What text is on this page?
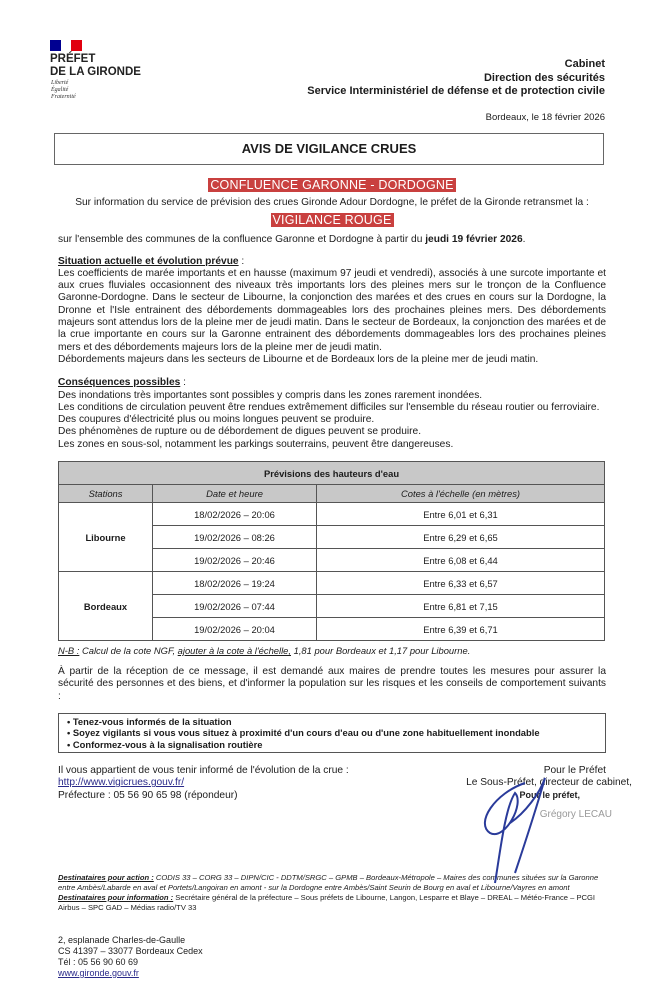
PRÉFET
DE LA GIRONDE
Liberté
Égalité
Fraternité
Cabinet
Direction des sécurités
Service Interministériel de défense et de protection civile
Bordeaux, le 18 février 2026
AVIS DE VIGILANCE CRUES
CONFLUENCE GARONNE - DORDOGNE
Sur information du service de prévision des crues Gironde Adour Dordogne, le préfet de la Gironde retransmet la :
VIGILANCE ROUGE
sur l'ensemble des communes de la confluence Garonne et Dordogne à partir du jeudi 19 février 2026.
Situation actuelle et évolution prévue :
Les coefficients de marée importants et en hausse (maximum 97 jeudi et vendredi), associés à une surcote importante et aux crues fluviales occasionnent des niveaux très importants lors des pleines mers sur le tronçon de la Confluence Garonne-Dordogne. Dans le secteur de Libourne, la conjonction des marées et des crues en cours sur la Dordogne, la Dronne et l'Isle entrainent des débordements dommageables lors des prochaines pleines mers. Des débordements majeurs sont attendus lors de la pleine mer de jeudi matin. Dans le secteur de Bordeaux, la conjonction des marées et de la crue importante en cours sur la Garonne entrainent des débordements dommageables lors des prochaines pleines mers et des débordements majeurs lors de la pleine mer de jeudi matin.
Débordements majeurs dans les secteurs de Libourne et de Bordeaux lors de la pleine mer de jeudi matin.
Conséquences possibles :
Des inondations très importantes sont possibles y compris dans les zones rarement inondées.
Les conditions de circulation peuvent être rendues extrêmement difficiles sur l'ensemble du réseau routier ou ferroviaire.
Des coupures d'électricité plus ou moins longues peuvent se produire.
Des phénomènes de rupture ou de débordement de digues peuvent se produire.
Les zones en sous-sol, notamment les parkings souterrains, peuvent être dangereuses.
Prévisions des hauteurs d'eau		
Stations	Date et heure	Cotes à l'échelle (en mètres)
Libourne	18/02/2026 – 20:06	Entre 6,01 et 6,31
	19/02/2026 – 08:26	Entre 6,29 et 6,65
	19/02/2026 – 20:46	Entre 6,08 et 6,44
Bordeaux	18/02/2026 – 19:24	Entre 6,33 et 6,57
	19/02/2026 – 07:44	Entre 6,81 et 7,15
	19/02/2026 – 20:04	Entre 6,39 et 6,71
N-B : Calcul de la cote NGF, ajouter à la cote à l'échelle, 1,81 pour Bordeaux et 1,17 pour Libourne.
À partir de la réception de ce message, il est demandé aux maires de prendre toutes les mesures pour assurer la sécurité des personnes et des biens, et d'informer la population sur les risques et les conseils de comportement suivants :
• Tenez-vous informés de la situation
• Soyez vigilants si vous vous situez à proximité d'un cours d'eau ou d'une zone habituellement inondable
• Conformez-vous à la signalisation routière
Il vous appartient de vous tenir informé de l'évolution de la crue : http://www.vigicrues.gouv.fr/
Préfecture : 05 56 90 65 98 (répondeur)
Pour le Préfet
Le Sous-Préfet, directeur de cabinet,
Pour le préfet,
Grégory LECAU
Destinataires pour action : CODIS 33 – CORG 33 – DIPN/CIC - DDTM/SRGC – GPMB – Bordeaux-Métropole – Maires des communes situées sur la Garonne entre Ambès/Labarde en aval et Portets/Langoiran en amont - sur la Dordogne entre Ambès/Saint Seurin de Bourg en aval et Libourne/Vayres en amont
Destinataires pour information : Secrétaire général de la préfecture – Sous préfets de Libourne, Langon, Lesparre et Blaye – DREAL – Météo-France – PCGI Airbus – SPC GAD – Médias radio/TV 33
2, esplanade Charles-de-Gaulle
CS 41397 – 33077 Bordeaux Cedex
Tél : 05 56 90 60 69
www.gironde.gouv.fr
